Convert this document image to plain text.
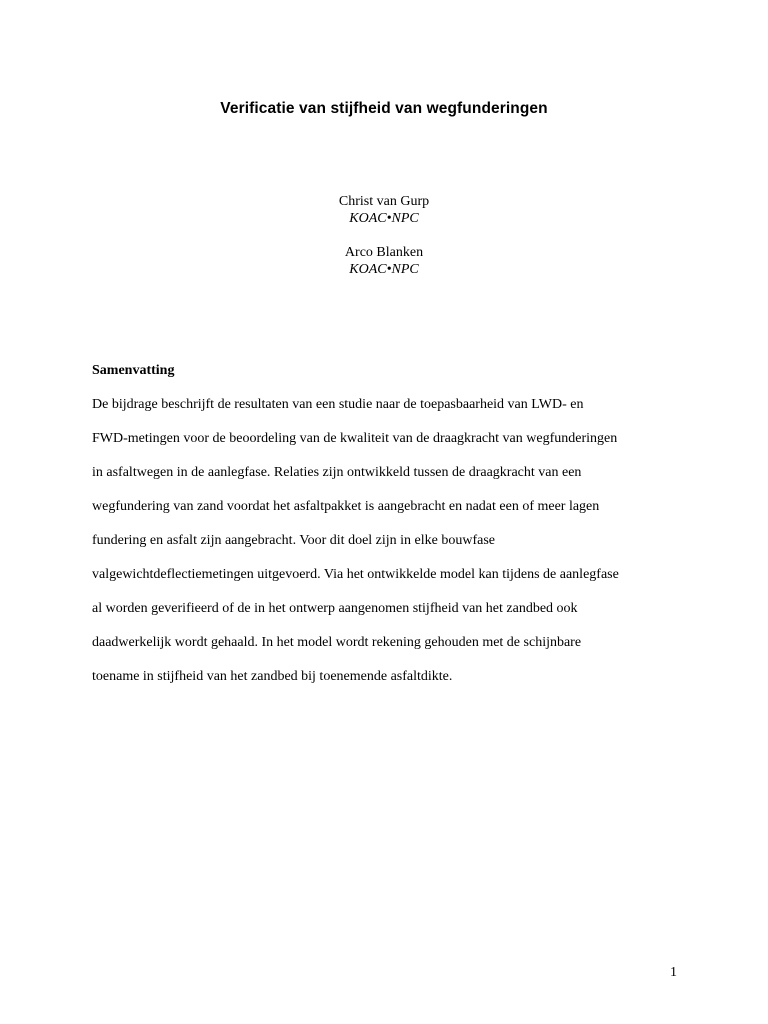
Verificatie van stijfheid van wegfunderingen
Christ van Gurp
KOAC•NPC
Arco Blanken
KOAC•NPC
Samenvatting

De bijdrage beschrijft de resultaten van een studie naar de toepasbaarheid van LWD- en

FWD-metingen voor de beoordeling van de kwaliteit van de draagkracht van wegfunderingen

in asfaltwegen in de aanlegfase. Relaties zijn ontwikkeld tussen de draagkracht van een

wegfundering van zand voordat het asfaltpakket is aangebracht en nadat een of meer lagen

fundering en asfalt zijn aangebracht. Voor dit doel zijn in elke bouwfase

valgewichtdeflectiemetingen uitgevoerd. Via het ontwikkelde model kan tijdens de aanlegfase

al worden geverifieerd of de in het ontwerp aangenomen stijfheid van het zandbed ook

daadwerkelijk wordt gehaald. In het model wordt rekening gehouden met de schijnbare

toename in stijfheid van het zandbed bij toenemende asfaltdikte.

1
